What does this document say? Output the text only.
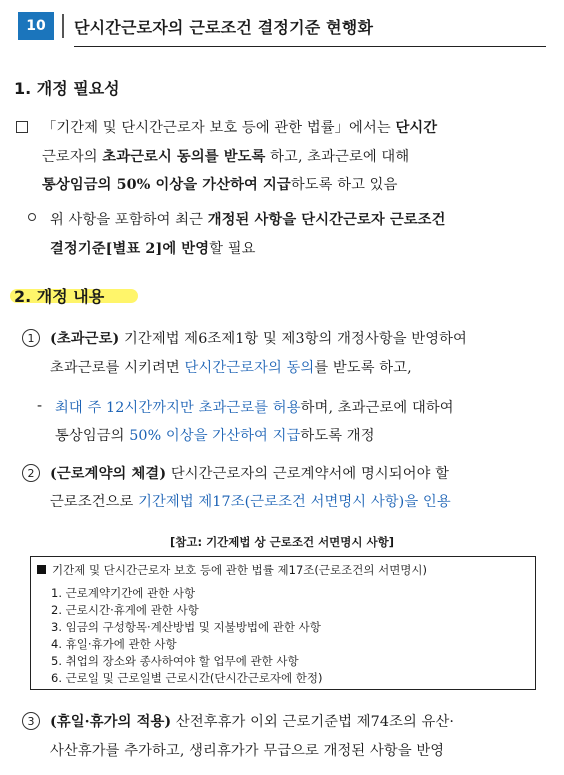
10	단시간근로자의 근로조건 결정기준 현행화
1. 개정 필요성
「기간제 및 단시간근로자 보호 등에 관한 법률」에서는 단시간
근로자의 초과근로시 동의를 받도록 하고, 초과근로에 대해
통상임금의 50% 이상을 가산하여 지급하도록 하고 있음
위 사항을 포함하여 최근 개정된 사항을 단시간근로자 근로조건
결정기준[별표 2]에 반영할 필요
2. 개정 내용
1	(초과근로) 기간제법 제6조제1항 및 제3항의 개정사항을 반영하여
초과근로를 시키려면 단시간근로자의 동의를 받도록 하고,
- 최대 주 12시간까지만 초과근로를 허용하며, 초과근로에 대하여
통상임금의 50% 이상을 가산하여 지급하도록 개정
2	(근로계약의 체결) 단시간근로자의 근로계약서에 명시되어야 할
근로조건으로 기간제법 제17조(근로조건 서면명시 사항)을 인용
[참고: 기간제법 상 근로조건 서면명시 사항]
기간제 및 단시간근로자 보호 등에 관한 법률 제17조(근로조건의 서면명시)
1. 근로계약기간에 관한 사항
2. 근로시간·휴게에 관한 사항
3. 임금의 구성항목·계산방법 및 지불방법에 관한 사항
4. 휴일·휴가에 관한 사항
5. 취업의 장소와 종사하여야 할 업무에 관한 사항
6. 근로일 및 근로일별 근로시간(단시간근로자에 한정)
3	(휴일·휴가의 적용) 산전후휴가 이외 근로기준법 제74조의 유산·
사산휴가를 추가하고, 생리휴가가 무급으로 개정된 사항을 반영
